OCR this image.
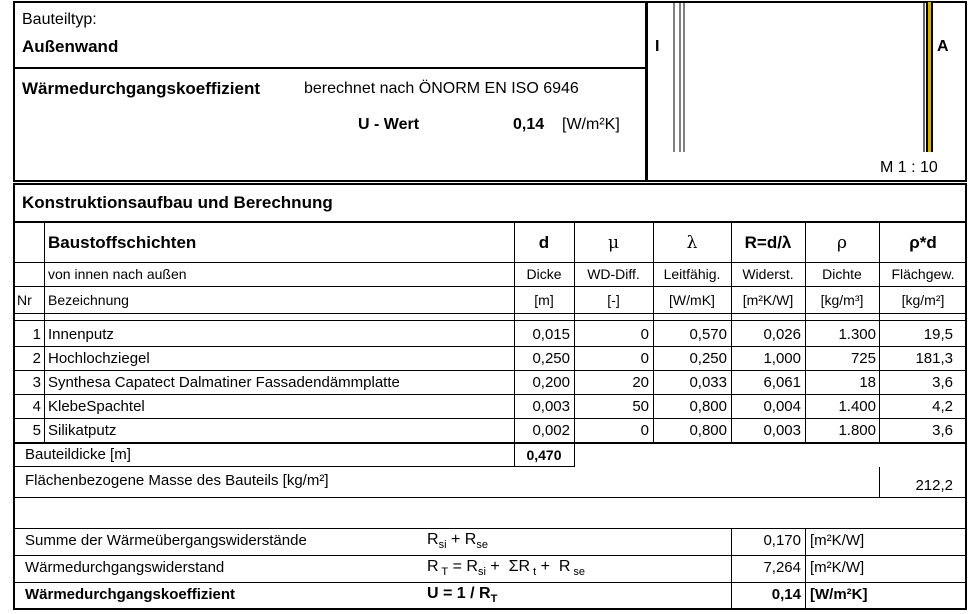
Bauteiltyp:
Außenwand
Wärmedurchgangskoeffizient	berechnet nach ÖNORM EN ISO 6946
U - Wert	0,14 [W/m²K]
I	A
M 1 : 10
Konstruktionsaufbau und Berechnung
Baustoffschichten	d	μ	λ	R=d/λ	ρ	ρ*d
von innen nach außen	Dicke	WD-Diff.	Leitfähig.	Widerst.	Dichte	Flächgew.
Nr Bezeichnung	[m]	[-]	[W/mK]	[m²K/W]	[kg/m³]	[kg/m²]
1 Innenputz	0,015	0	0,570	0,026	1.300	19,5
2 Hochlochziegel	0,250	0	0,250	1,000	725	181,3
3 Synthesa Capatect Dalmatiner Fassadendämmplatte	0,200	20	0,033	6,061	18	3,6
4 KlebeSpachtel	0,003	50	0,800	0,004	1.400	4,2
5 Silikatputz	0,002	0	0,800	0,003	1.800	3,6
Bauteildicke [m]	0,470
Flächenbezogene Masse des Bauteils [kg/m²]	212,2
Summe der Wärmeübergangswiderstände	$R_{si} + R_{se}$	0,170 [m²K/W]
Wärmedurchgangswiderstand	R $_T = R_{si} + \Sigma R$ $_t$ +  R $_{se}$	7,264 [m²K/W]
Wärmedurchgangskoeffizient	$U = 1 / R_T$	0,14 [W/m²K]
